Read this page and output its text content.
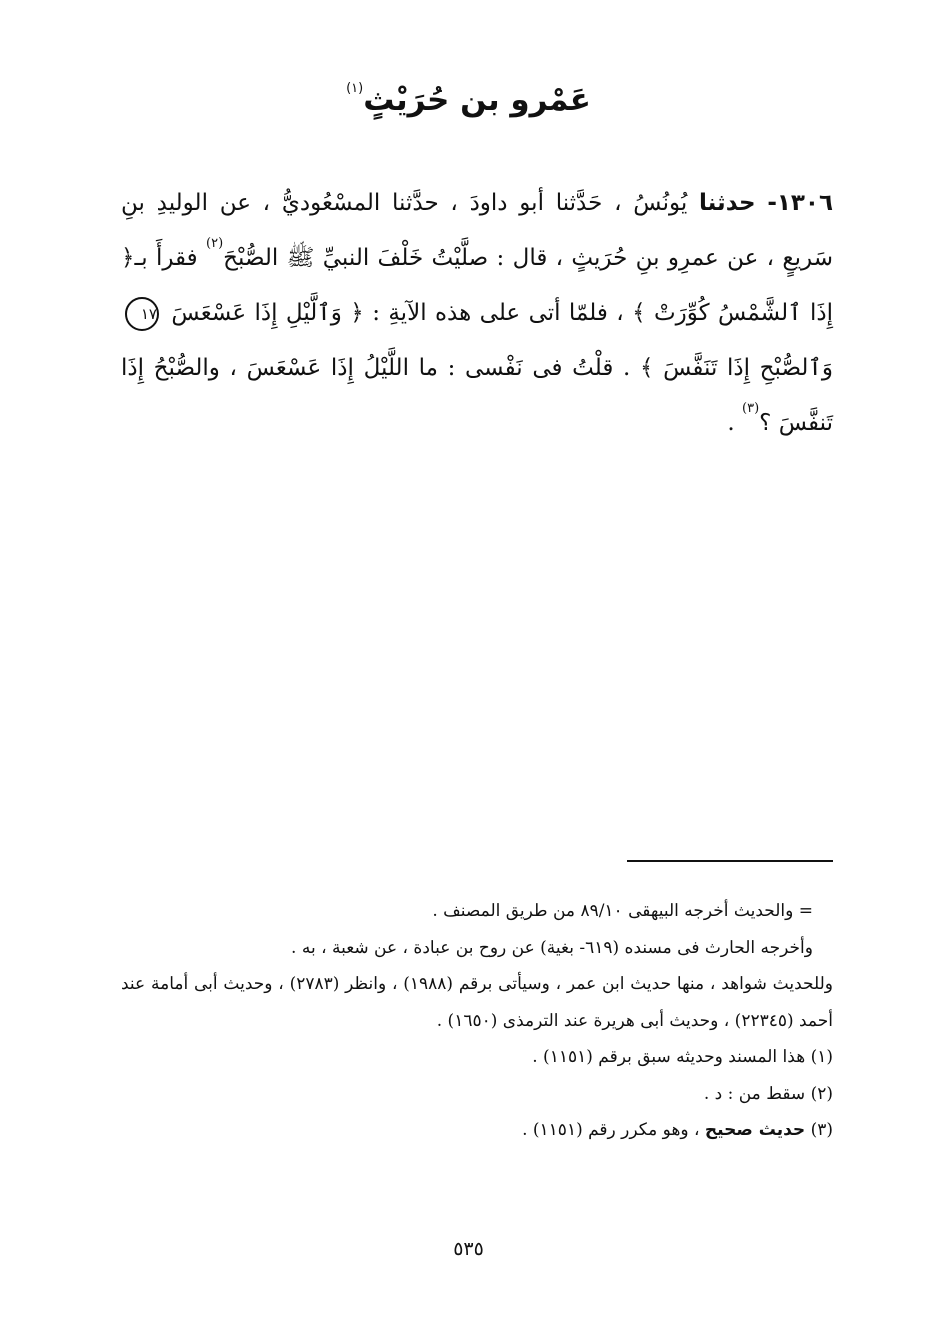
عَمْرو بن حُرَيْثٍ$^{(١)}$
١٣٠٦- حدثنا يُونُسُ ، حَدَّثنا أبو داودَ ، حدَّثنا المسْعُوديُّ ، عن الوليدِ بنِ سَريعٍ ، عن عمرِو بنِ حُرَيثٍ ، قال : صلَّيْتُ خَلْفَ النبيِّ ﷺ الصُّبْحَ$^{(٢)}$ فقرأَ بـ﴿ إِذَا ٱلشَّمْسُ كُوِّرَتْ ﴾ ، فلمّا أتى على هذه الآيةِ : ﴿ وَٱلَّيْلِ إِذَا عَسْعَسَ ١٧ وَٱلصُّبْحِ إِذَا تَنَفَّسَ ﴾ . قلْتُ فى نَفْسى : ما اللَّيْلُ إِذَا عَسْعَسَ ، والصُّبْحُ إِذَا تَنفَّسَ ؟$^{(٣)}$ .
= والحديث أخرجه البيهقى ٨٩/١٠ من طريق المصنف .
وأخرجه الحارث فى مسنده (٦١٩- بغية) عن روح بن عبادة ، عن شعبة ، به .
وللحديث شواهد ، منها حديث ابن عمر ، وسيأتى برقم (١٩٨٨) ، وانظر (٢٧٨٣) ، وحديث أبى أمامة عند أحمد (٢٢٣٤٥) ، وحديث أبى هريرة عند الترمذى (١٦٥٠) .
(١) هذا المسند وحديثه سبق برقم (١١٥١) .
(٢) سقط من : د .
(٣) حديث صحيح ، وهو مكرر رقم (١١٥١) .
٥٣٥
